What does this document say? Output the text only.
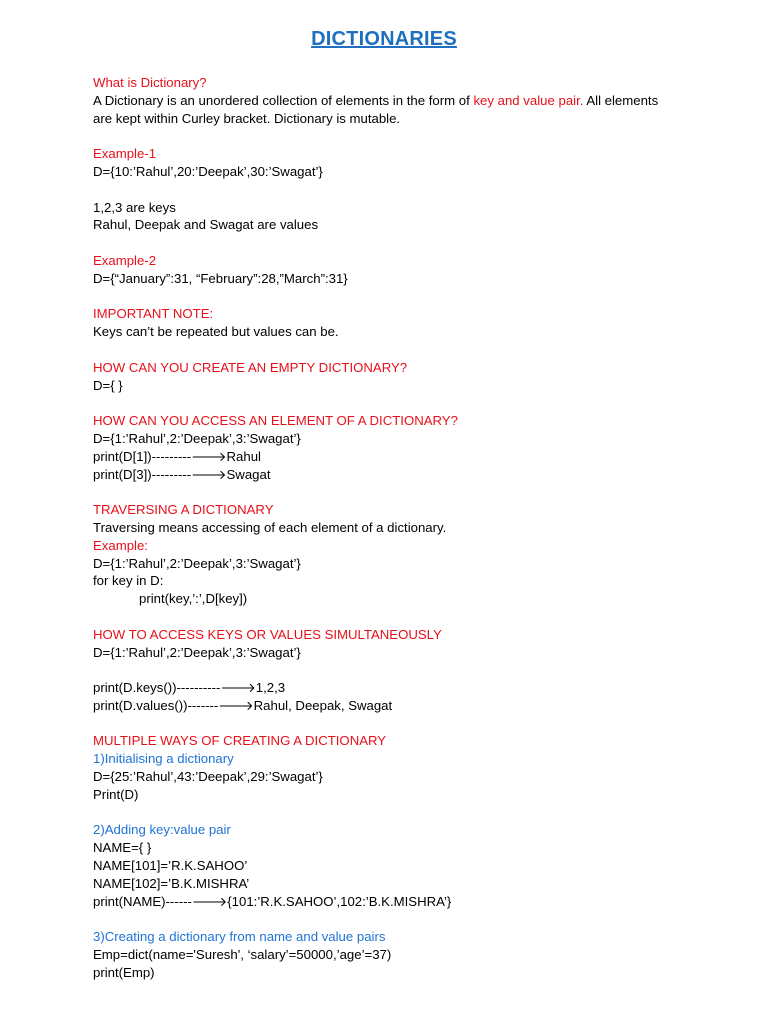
DICTIONARIES
What is Dictionary?
A Dictionary is an unordered collection of elements in the form of key and value pair. All elements are kept within Curley bracket. Dictionary is mutable.
Example-1
D={10:’Rahul’,20:’Deepak’,30:’Swagat’}
1,2,3 are keys
Rahul, Deepak and Swagat are values
Example-2
D={“January”:31, “February”:28,”March”:31}
IMPORTANT NOTE:
Keys can’t be repeated but values can be.
HOW CAN YOU CREATE AN EMPTY DICTIONARY?
D={ }
HOW CAN YOU ACCESS AN ELEMENT OF A DICTIONARY?
D={1:’Rahul’,2:’Deepak’,3:’Swagat’}
print(D[1])---------🡒Rahul
print(D[3])---------🡒Swagat
TRAVERSING A DICTIONARY
Traversing means accessing of each element of a dictionary.
Example:
D={1:’Rahul’,2:’Deepak’,3:’Swagat’}
for key in D:
print(key,’:’,D[key])
HOW TO ACCESS KEYS OR VALUES SIMULTANEOUSLY
D={1:’Rahul’,2:’Deepak’,3:’Swagat’}
print(D.keys())----------🡒1,2,3
print(D.values())-------🡒Rahul, Deepak, Swagat
MULTIPLE WAYS OF CREATING A DICTIONARY
1)Initialising a dictionary
D={25:’Rahul’,43:’Deepak’,29:’Swagat’}
Print(D)
2)Adding key:value pair
NAME={ }
NAME[101]=’R.K.SAHOO’
NAME[102]=’B.K.MISHRA’
print(NAME)------🡒{101:’R.K.SAHOO’,102:’B.K.MISHRA’}
3)Creating a dictionary from name and value pairs
Emp=dict(name='Suresh', ‘salary’=50000,’age’=37)
print(Emp)
